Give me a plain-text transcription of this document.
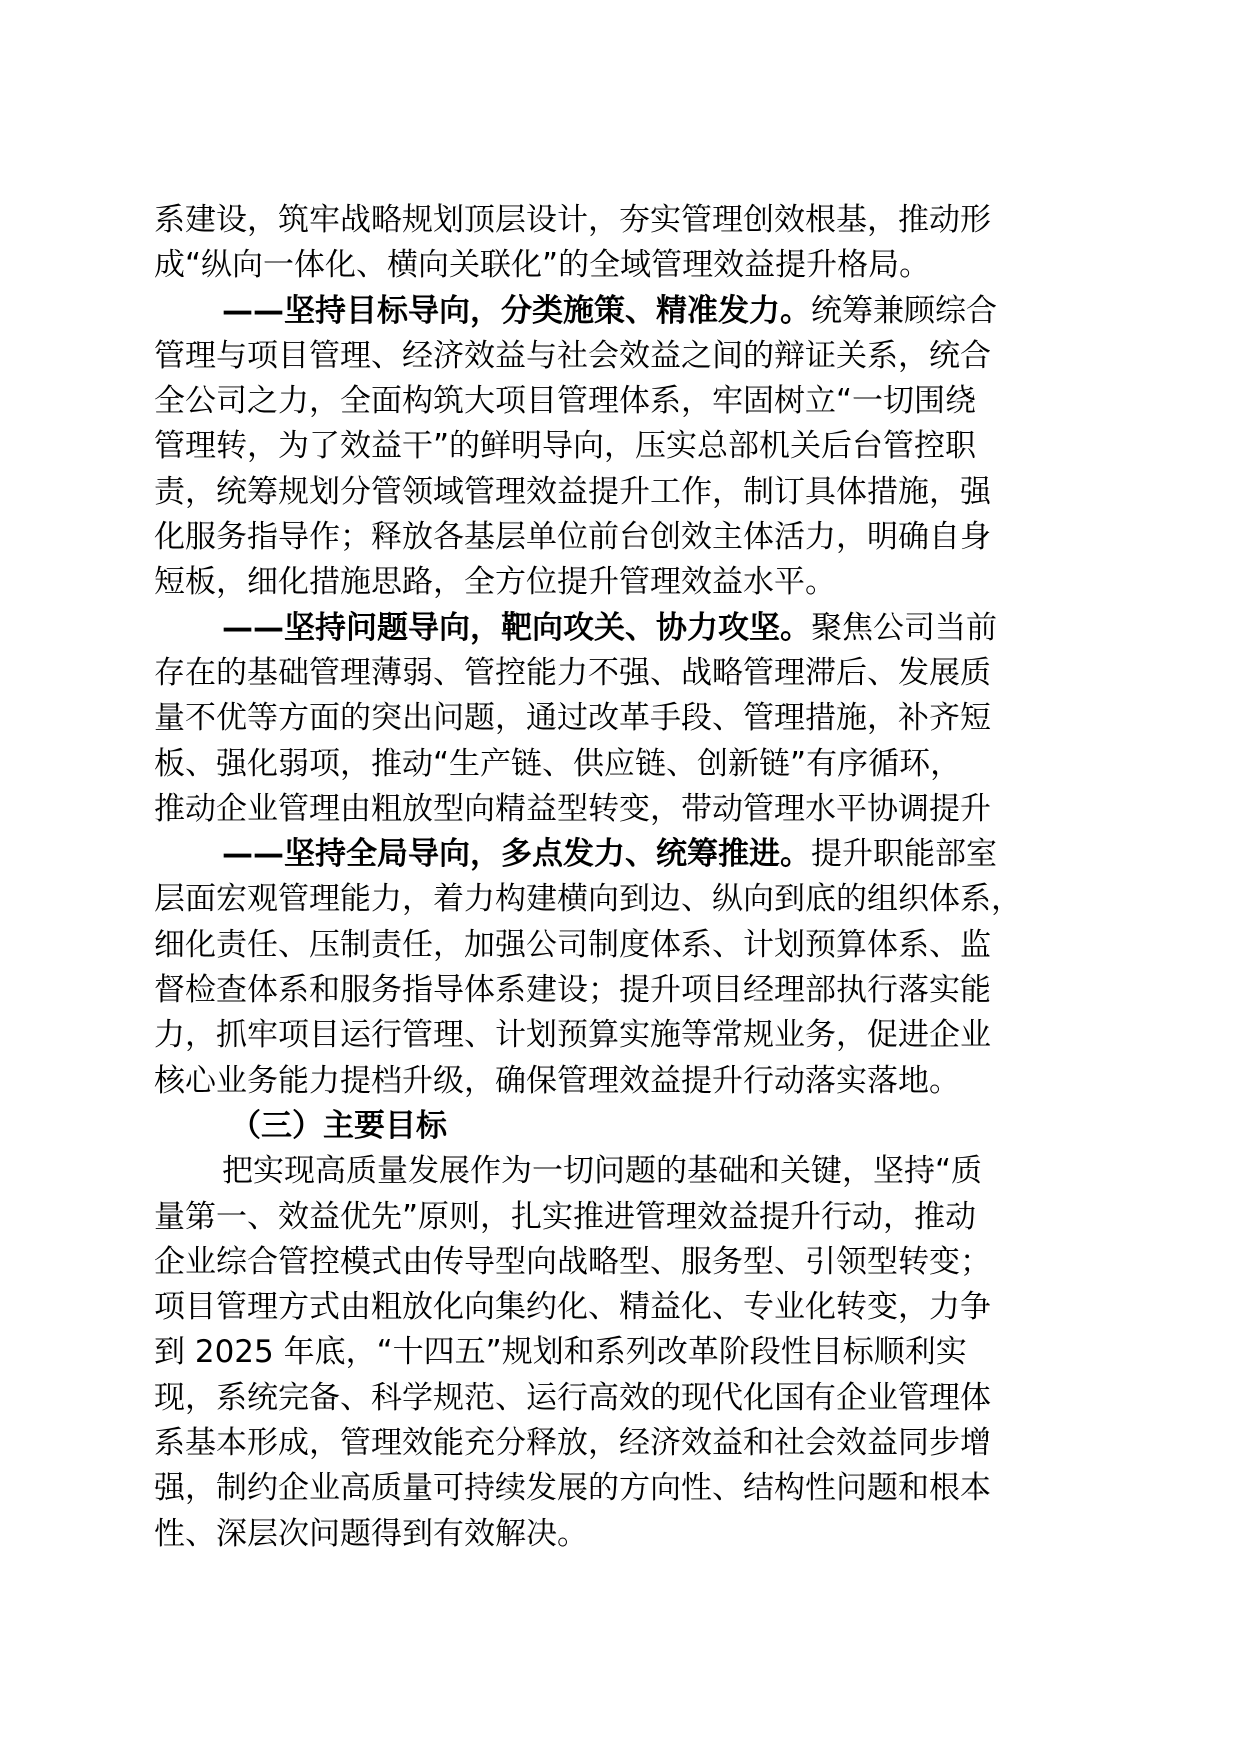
系建设，筑牢战略规划顶层设计，夯实管理创效根基，推动形
成“纵向一体化、横向关联化”的全域管理效益提升格局。
——坚持目标导向，分类施策、精准发力。统筹兼顾综合
管理与项目管理、经济效益与社会效益之间的辩证关系，统合
全公司之力，全面构筑大项目管理体系，牢固树立“一切围绕
管理转，为了效益干”的鲜明导向，压实总部机关后台管控职
责，统筹规划分管领域管理效益提升工作，制订具体措施，强
化服务指导作；释放各基层单位前台创效主体活力，明确自身
短板，细化措施思路，全方位提升管理效益水平。
——坚持问题导向，靶向攻关、协力攻坚。聚焦公司当前
存在的基础管理薄弱、管控能力不强、战略管理滞后、发展质
量不优等方面的突出问题，通过改革手段、管理措施，补齐短
板、强化弱项，推动“生产链、供应链、创新链”有序循环，
推动企业管理由粗放型向精益型转变，带动管理水平协调提升
——坚持全局导向，多点发力、统筹推进。提升职能部室
层面宏观管理能力，着力构建横向到边、纵向到底的组织体系，
细化责任、压制责任，加强公司制度体系、计划预算体系、监
督检查体系和服务指导体系建设；提升项目经理部执行落实能
力，抓牢项目运行管理、计划预算实施等常规业务，促进企业
核心业务能力提档升级，确保管理效益提升行动落实落地。
（三）主要目标
把实现高质量发展作为一切问题的基础和关键，坚持“质
量第一、效益优先”原则，扎实推进管理效益提升行动，推动
企业综合管控模式由传导型向战略型、服务型、引领型转变；
项目管理方式由粗放化向集约化、精益化、专业化转变，力争
到 2025 年底，“十四五”规划和系列改革阶段性目标顺利实
现，系统完备、科学规范、运行高效的现代化国有企业管理体
系基本形成，管理效能充分释放，经济效益和社会效益同步增
强，制约企业高质量可持续发展的方向性、结构性问题和根本
性、深层次问题得到有效解决。
